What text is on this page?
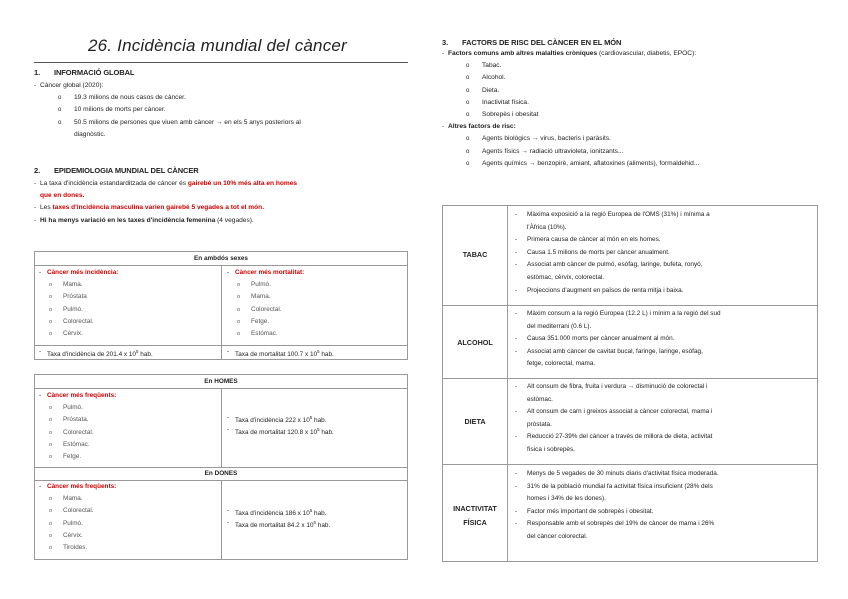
26. Incidència mundial del càncer
1. INFORMACIÓ GLOBAL
- Càncer global (2020):
o 19.3 milions de nous casos de càncer.
o 10 milions de morts per càncer.
o 50.5 milions de persones que viuen amb càncer → en els 5 anys posteriors al
diagnòstic.
2. EPIDEMIOLOGIA MUNDIAL DEL CÀNCER
- La taxa d'incidència estandarditzada de càncer és gairebé un 10% més alta en homes
que en dones.
- Les taxes d'incidència masculina varien gairebé 5 vegades a tot el món.
- Hi ha menys variació en les taxes d'incidència femenina (4 vegades).
En ambdós sexes
- Càncer més incidència:
o Mama.
o Próstata
o Pulmó.
o Colorectal.
o Cèrvix.
- Càncer més mortalitat:
o Pulmó.
o Mama.
o Colorectal.
o Fetge.
o Estómac.
- Taxa d'incidència de 201.4 x $10^5$ hab.	- Taxa de mortalitat 100.7 x $10^5$ hab.
En HOMES
- Càncer més freqüents:
o Pulmó.
o Próstata.
o Colorectal.
o Estómac.
o Fetge.
- Taxa d'incidència 222 x $10^5$ hab.
- Taxa de mortalitat 120.8 x $10^5$ hab.
En DONES
- Càncer més freqüents:
o Mama.
o Colorectal.
o Pulmó.
o Cèrvix.
o Tiroides.
- Taxa d'incidència 186 x $10^5$ hab.
- Taxa de mortalitat 84.2 x $10^5$ hab.
3. FACTORS DE RISC DEL CÀNCER EN EL MÓN
- Factors comuns amb altres malalties cròniques (cardiovascular, diabetis, EPOC):
o Tabac.
o Alcohol.
o Dieta.
o Inactivitat física.
o Sobrepès i obesitat
- Altres factors de risc:
o Agents biològics → virus, bacteris i paràsits.
o Agents físics → radiació ultravioleta, ionitzants...
o Agents químics → benzopirè, amiant, aflatoxines (aliments), formaldehid...
TABAC
- Màxima exposició a la regió Europea de l'OMS (31%) i mínima a
l'Àfrica (10%).
- Primera causa de càncer al món en els homes.
- Causa 1.5 milions de morts per càncer anualment.
- Associat amb càncer de pulmó, esòfag, laringe, bufeta, ronyó,
estòmac, cèrvix, colorectal.
- Projeccions d'augment en països de renta mitja i baixa.
ALCOHOL
- Màxim consum a la regió Europea (12.2 L) i mínim a la regió del sud
del mediterrani (0.6 L).
- Causa 351.000 morts per càncer anualment al món.
- Associat amb càncer de cavitat bucal, faringe, laringe, esòfag,
fetge, colorectal, mama.
DIETA
- Alt consum de fibra, fruita i verdura → disminució de colorectal i
estòmac.
- Alt consum de carn i greixos associat a càncer colorectal, mama i
pròstata.
- Reducció 27-39% del càncer a través de millora de dieta, activitat
física i sobrepès.
INACTIVITAT
FÍSICA
- Menys de 5 vegades de 30 minuts diaris d'activitat física moderada.
- 31% de la població mundial fa activitat física insuficient (28% dels
homes i 34% de les dones).
- Factor més important de sobrepès i obesitat.
- Responsable amb el sobrepès del 19% de càncer de mama i 26%
del càncer colorectal.
